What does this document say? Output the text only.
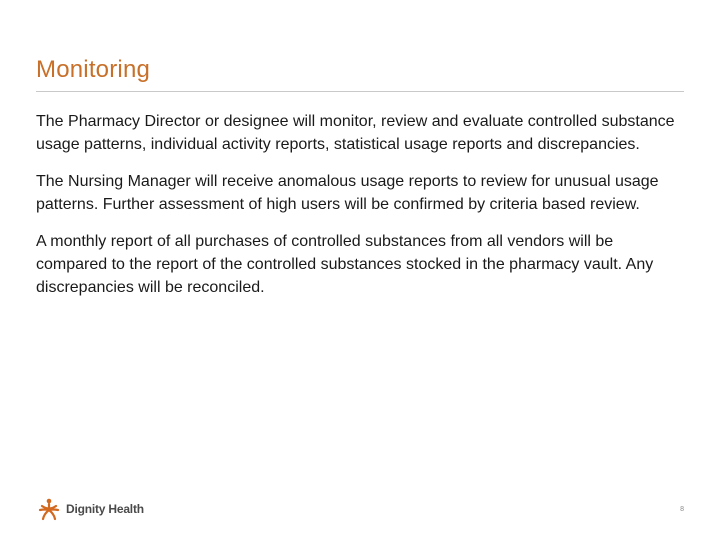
Monitoring

The Pharmacy Director or designee will monitor, review and evaluate controlled substance usage patterns, individual activity reports, statistical usage reports and discrepancies.

The Nursing Manager will receive anomalous usage reports to review for unusual usage patterns. Further assessment of high users will be confirmed by criteria based review.

A monthly report of all purchases of controlled substances from all vendors will be compared to the report of the controlled substances stocked in the pharmacy vault. Any discrepancies will be reconciled.

Dignity Health	8
